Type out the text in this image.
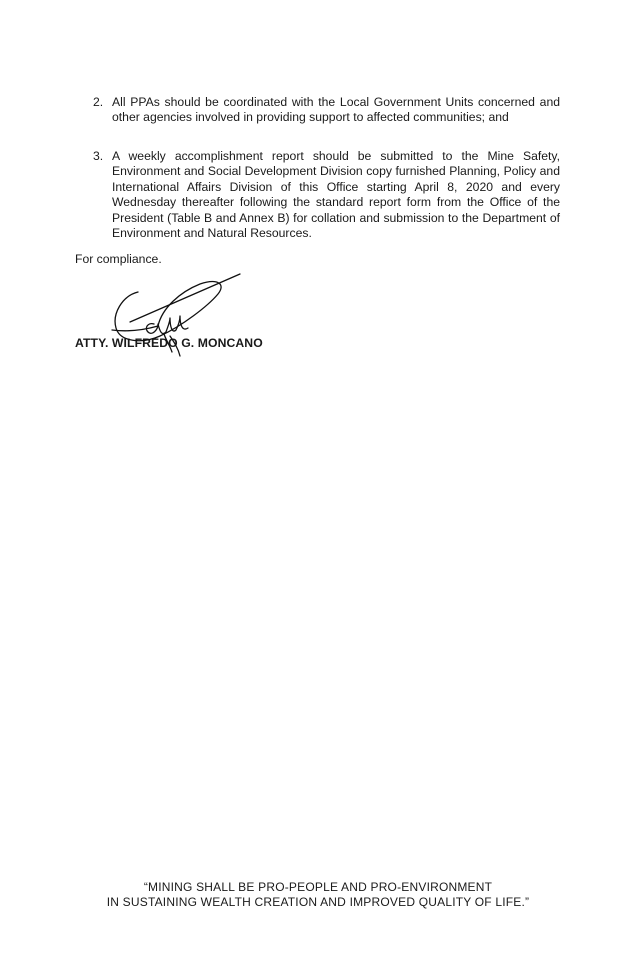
2. All PPAs should be coordinated with the Local Government Units concerned and other agencies involved in providing support to affected communities; and
3. A weekly accomplishment report should be submitted to the Mine Safety, Environment and Social Development Division copy furnished Planning, Policy and International Affairs Division of this Office starting April 8, 2020 and every Wednesday thereafter following the standard report form from the Office of the President (Table B and Annex B) for collation and submission to the Department of Environment and Natural Resources.
For compliance.
ATTY. WILFREDO G. MONCANO
“MINING SHALL BE PRO-PEOPLE AND PRO-ENVIRONMENT
IN SUSTAINING WEALTH CREATION AND IMPROVED QUALITY OF LIFE.”
